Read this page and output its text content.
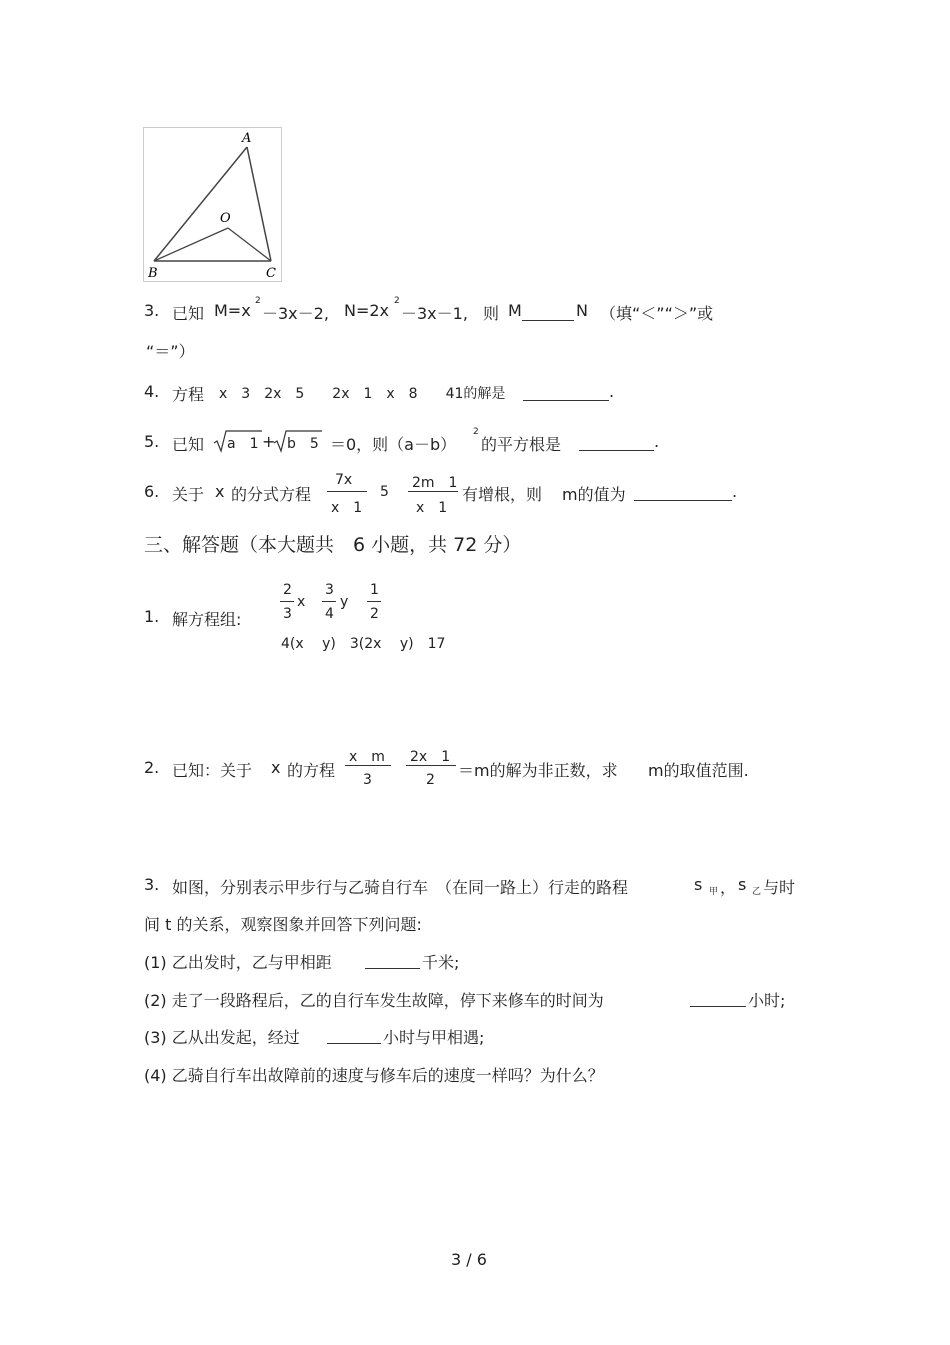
A
O
B	C
3. 已知 M=x 2
－3x－2, N=2x 2
－3x－1, 则 M	N （填“＜”“＞”或
“＝”）
4. 方程 x　3　2x　5　　2x　1　x　8　　41的解是	.
5. 已知 a　1 + b　5 ＝0，则（a－b）
2
的平方根是	.
6. 关于 x 的分式方程
7x
x　1
5
2m　1
x　1
有增根，则 m的值为	.
三、解答题（本大题共　6 小题，共 72 分）
1. 解方程组:
2
3
x
3
4
y
1
2
4(x　 y)　3(2x　 y)　17
2. 已知：关于 x 的方程
x　m
3
2x　1
2 ＝m的解为非正数，求 m的取值范围.
3. 如图，分别表示甲步行与乙骑自行车　（在同一路上）行走的路程	s 甲 ， s 乙 与时
间 t 的关系，观察图象并回答下列问题:
(1) 乙出发时，乙与甲相距	千米;
(2) 走了一段路程后，乙的自行车发生故障，停下来修车的时间为	小时;
(3) 乙从出发起，经过	小时与甲相遇;
(4) 乙骑自行车出故障前的速度与修车后的速度一样吗？为什么？
3 / 6
